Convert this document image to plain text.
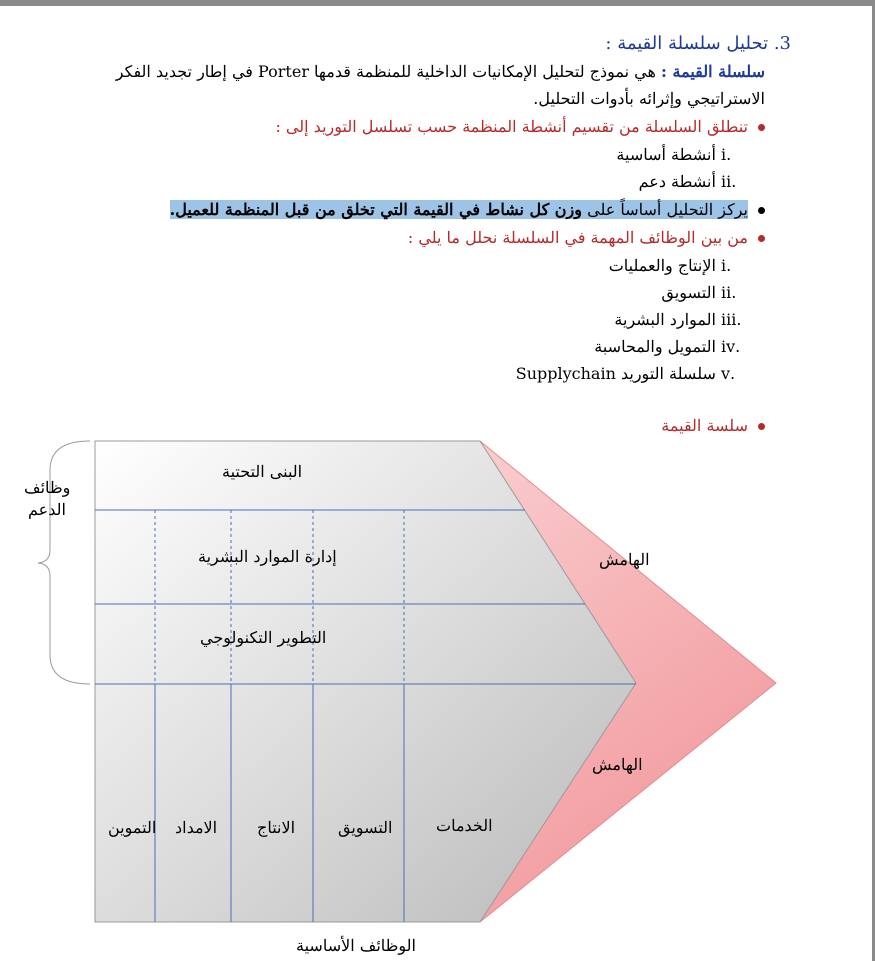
3. تحليل سلسلة القيمة :
سلسلة القيمة : هي نموذج لتحليل الإمكانيات الداخلية للمنظمة قدمها Porter في إطار تجديد الفكر
الاستراتيجي وإثرائه بأدوات التحليل.
تنطلق السلسلة من تقسيم أنشطة المنظمة حسب تسلسل التوريد إلى :
.i أنشطة أساسية
.ii أنشطة دعم
يركز التحليل أساساً على وزن كل نشاط في القيمة التي تخلق من قبل المنظمة للعميل.
من بين الوظائف المهمة في السلسلة نحلل ما يلي :
.i الإنتاج والعمليات
.ii التسويق
.iii الموارد البشرية
.iv التمويل والمحاسبة
.v سلسلة التوريد Supplychain
سلسة القيمة
وظائف
الدعم
البنى التحتية
إدارة الموارد البشرية
التطوير التكنولوجي
الهامش
الهامش
التموين الامداد الانتاج	التسويق	الخدمات
الوظائف الأساسية
